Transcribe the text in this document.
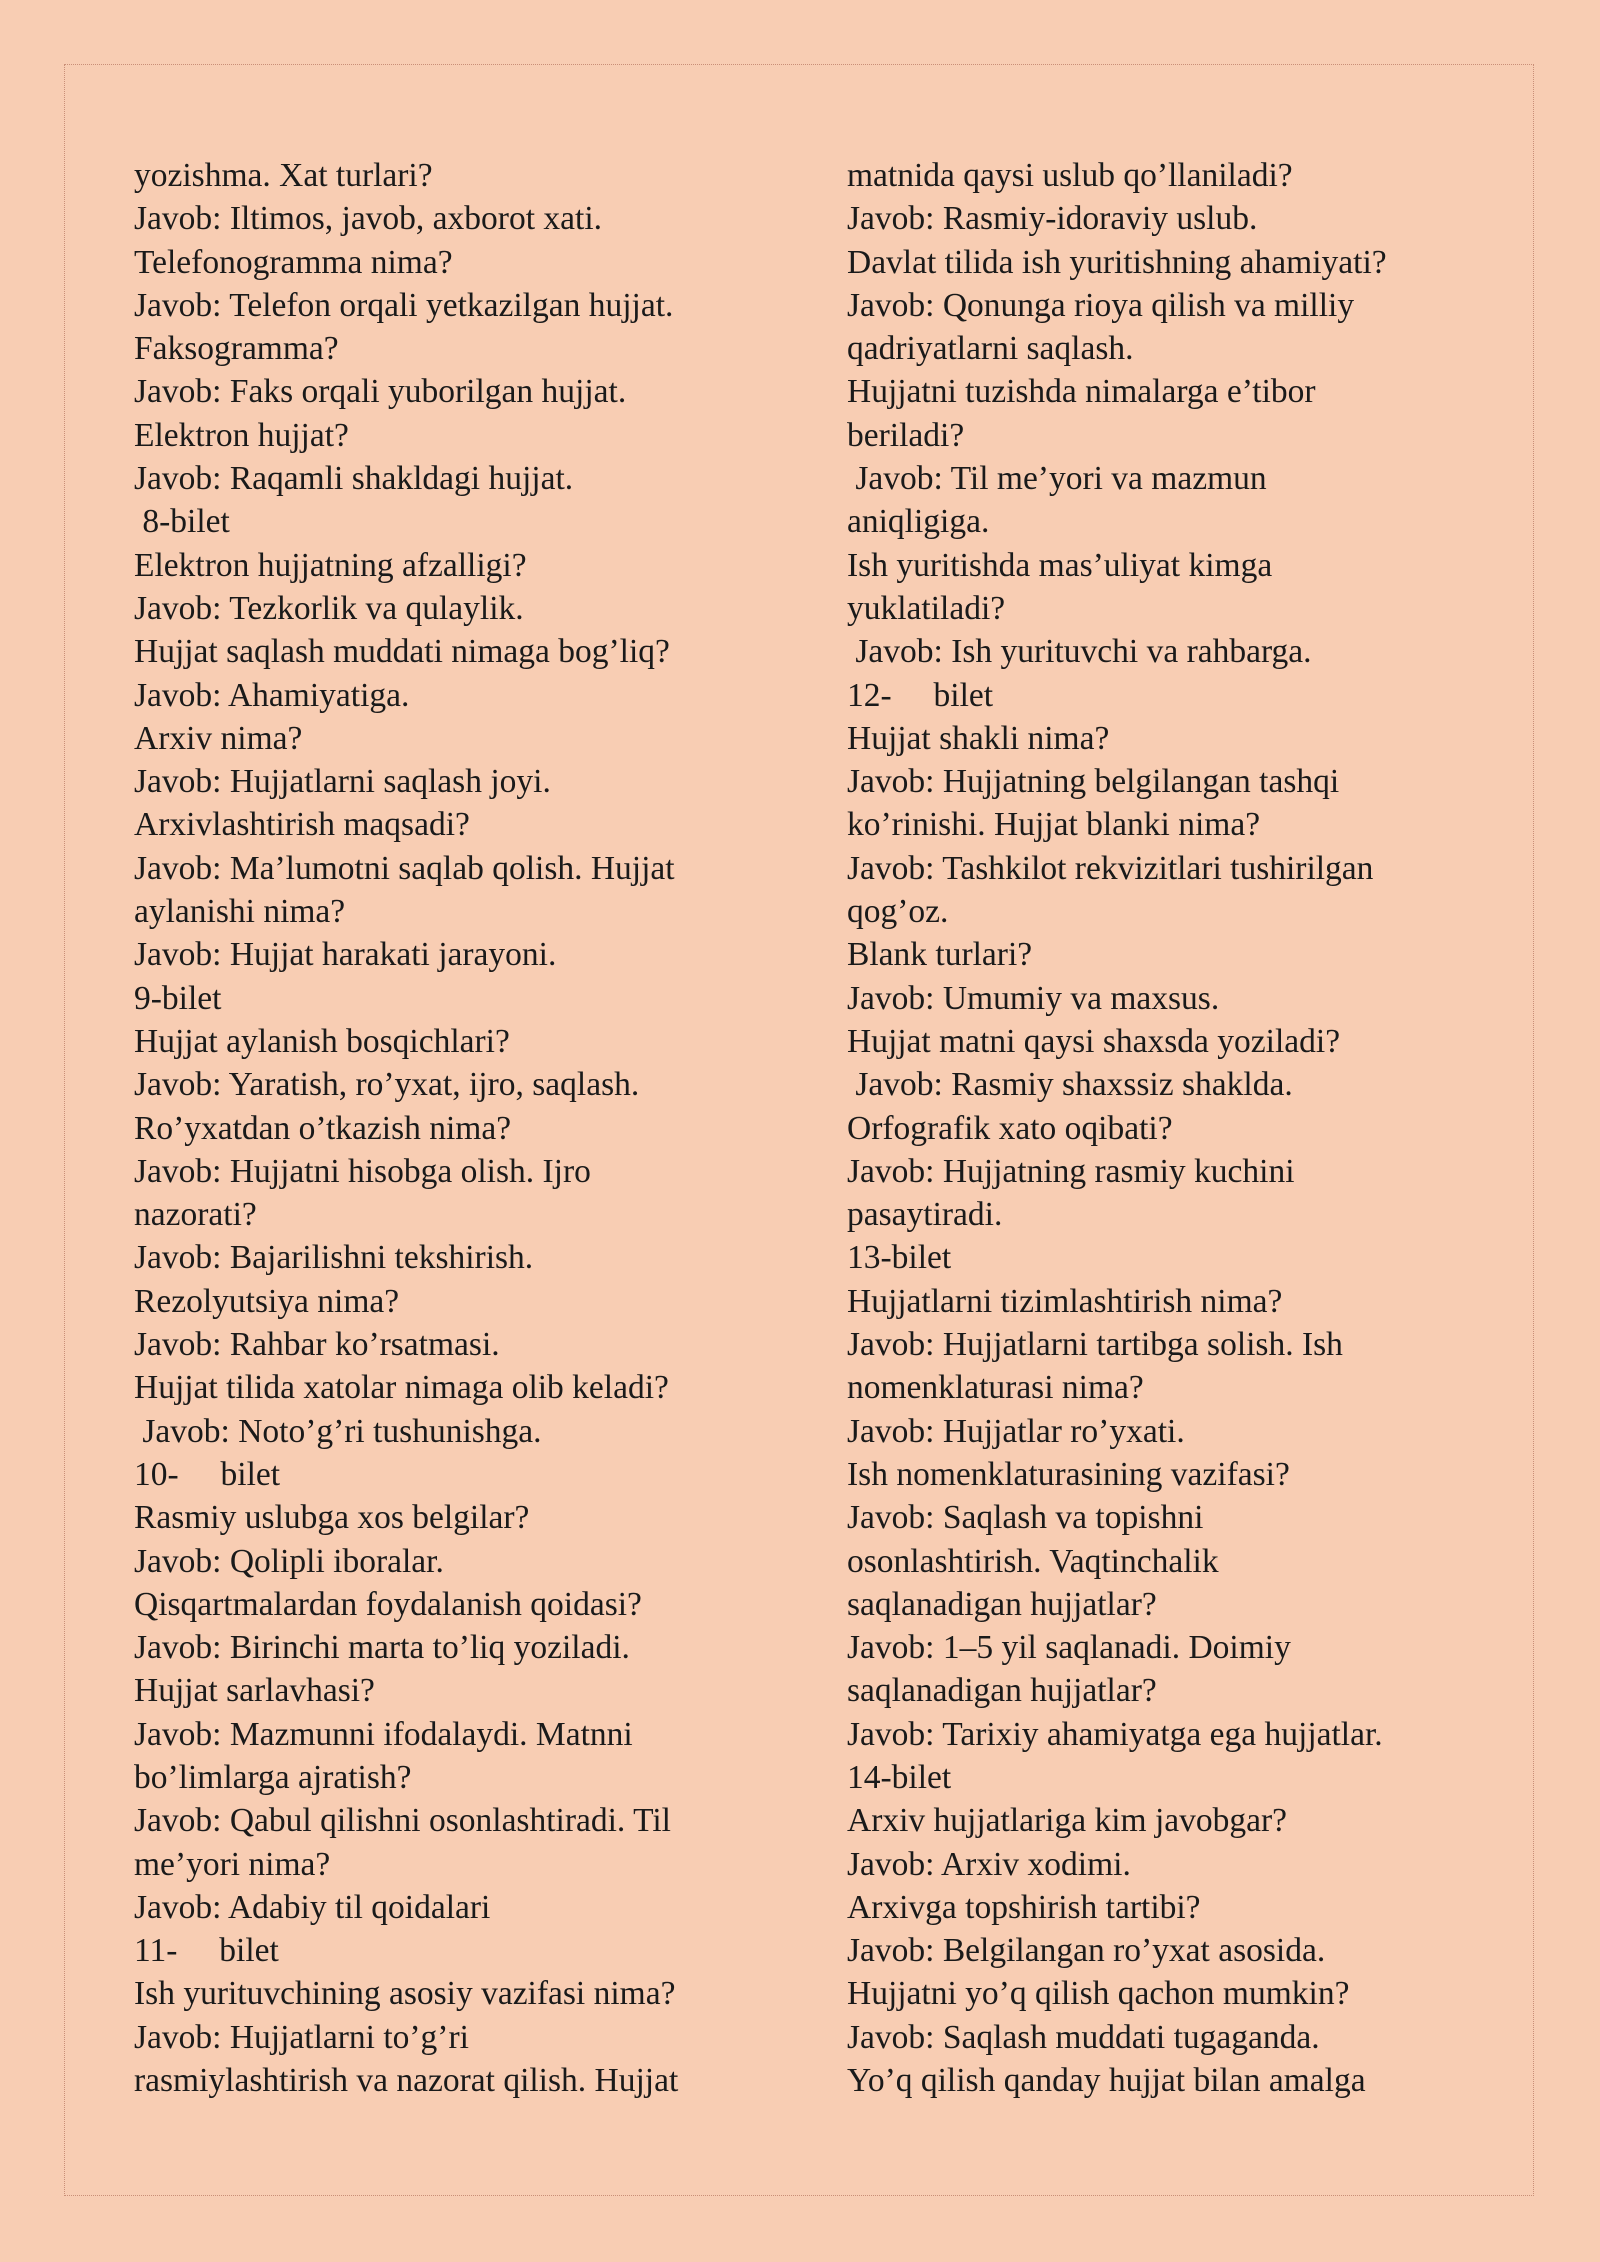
yozishma. Xat turlari?
Javob: Iltimos, javob, axborot xati.
Telefonogramma nima?
Javob: Telefon orqali yetkazilgan hujjat.
Faksogramma?
Javob: Faks orqali yuborilgan hujjat.
Elektron hujjat?
Javob: Raqamli shakldagi hujjat.
8-bilet
Elektron hujjatning afzalligi?
Javob: Tezkorlik va qulaylik.
Hujjat saqlash muddati nimaga bog’liq?
Javob: Ahamiyatiga.
Arxiv nima?
Javob: Hujjatlarni saqlash joyi.
Arxivlashtirish maqsadi?
Javob: Ma’lumotni saqlab qolish. Hujjat
aylanishi nima?
Javob: Hujjat harakati jarayoni.
9-bilet
Hujjat aylanish bosqichlari?
Javob: Yaratish, ro’yxat, ijro, saqlash.
Ro’yxatdan o’tkazish nima?
Javob: Hujjatni hisobga olish. Ijro
nazorati?
Javob: Bajarilishni tekshirish.
Rezolyutsiya nima?
Javob: Rahbar ko’rsatmasi.
Hujjat tilida xatolar nimaga olib keladi?
Javob: Noto’g’ri tushunishga.
10-     bilet
Rasmiy uslubga xos belgilar?
Javob: Qolipli iboralar.
Qisqartmalardan foydalanish qoidasi?
Javob: Birinchi marta to’liq yoziladi.
Hujjat sarlavhasi?
Javob: Mazmunni ifodalaydi. Matnni
bo’limlarga ajratish?
Javob: Qabul qilishni osonlashtiradi. Til
me’yori nima?
Javob: Adabiy til qoidalari
11-     bilet
Ish yurituvchining asosiy vazifasi nima?
Javob: Hujjatlarni to’g’ri
rasmiylashtirish va nazorat qilish. Hujjat
matnida qaysi uslub qo’llaniladi?
Javob: Rasmiy-idoraviy uslub.
Davlat tilida ish yuritishning ahamiyati?
Javob: Qonunga rioya qilish va milliy
qadriyatlarni saqlash.
Hujjatni tuzishda nimalarga e’tibor
beriladi?
Javob: Til me’yori va mazmun
aniqligiga.
Ish yuritishda mas’uliyat kimga
yuklatiladi?
Javob: Ish yurituvchi va rahbarga.
12-     bilet
Hujjat shakli nima?
Javob: Hujjatning belgilangan tashqi
ko’rinishi. Hujjat blanki nima?
Javob: Tashkilot rekvizitlari tushirilgan
qog’oz.
Blank turlari?
Javob: Umumiy va maxsus.
Hujjat matni qaysi shaxsda yoziladi?
Javob: Rasmiy shaxssiz shaklda.
Orfografik xato oqibati?
Javob: Hujjatning rasmiy kuchini
pasaytiradi.
13-bilet
Hujjatlarni tizimlashtirish nima?
Javob: Hujjatlarni tartibga solish. Ish
nomenklaturasi nima?
Javob: Hujjatlar ro’yxati.
Ish nomenklaturasining vazifasi?
Javob: Saqlash va topishni
osonlashtirish. Vaqtinchalik
saqlanadigan hujjatlar?
Javob: 1–5 yil saqlanadi. Doimiy
saqlanadigan hujjatlar?
Javob: Tarixiy ahamiyatga ega hujjatlar.
14-bilet
Arxiv hujjatlariga kim javobgar?
Javob: Arxiv xodimi.
Arxivga topshirish tartibi?
Javob: Belgilangan ro’yxat asosida.
Hujjatni yo’q qilish qachon mumkin?
Javob: Saqlash muddati tugaganda.
Yo’q qilish qanday hujjat bilan amalga
